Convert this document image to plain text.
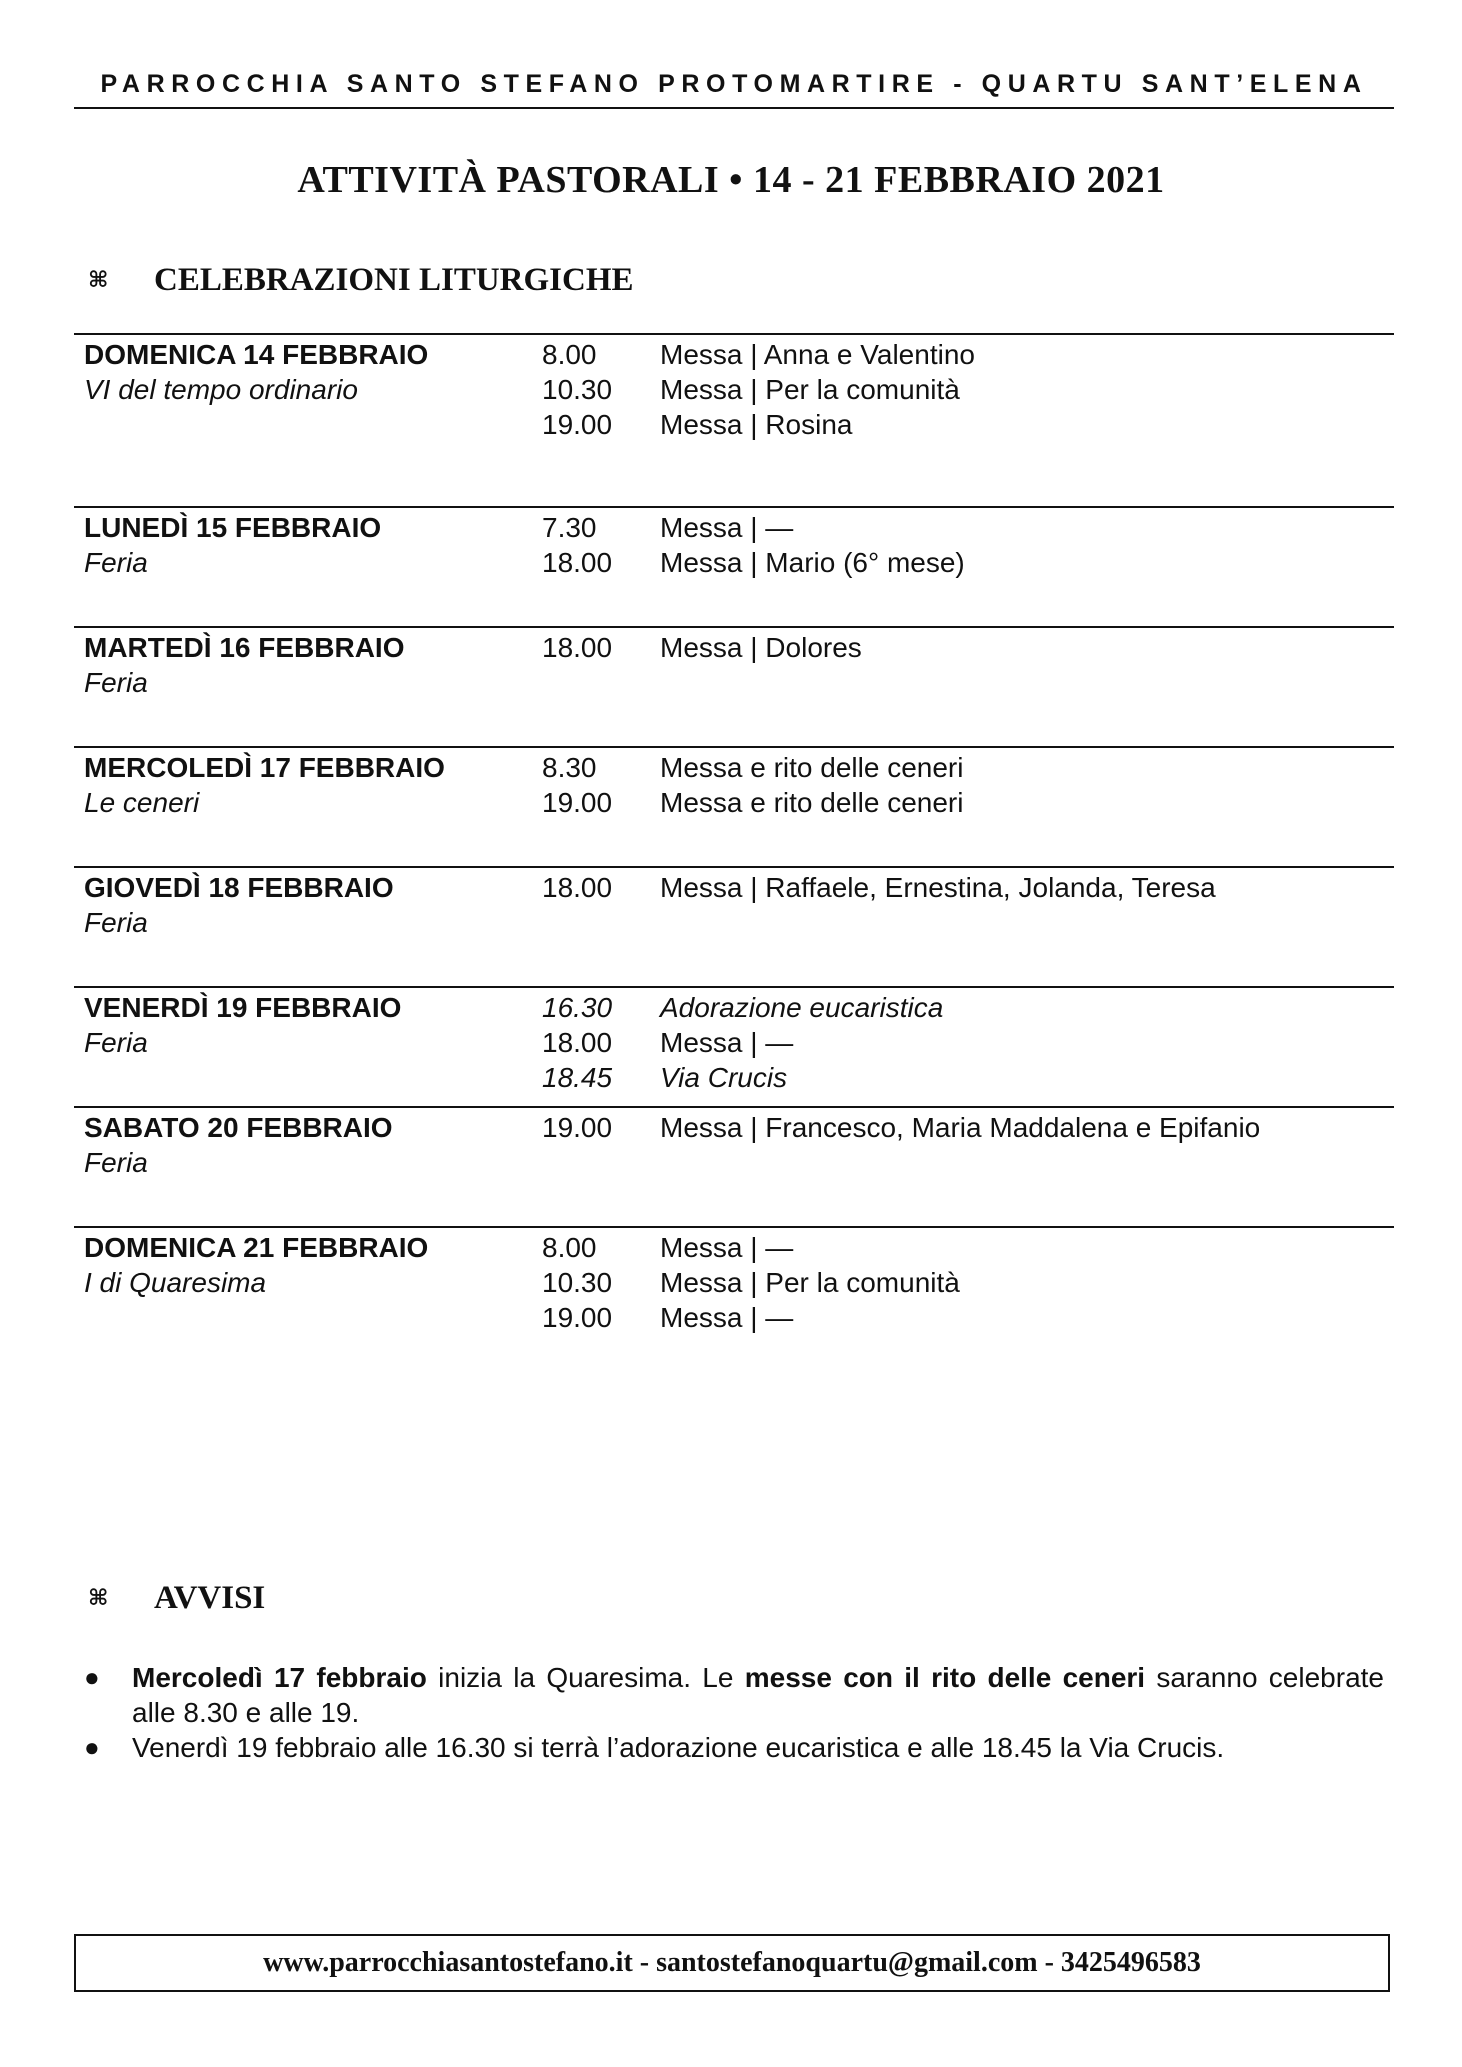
PARROCCHIA SANTO STEFANO PROTOMARTIRE - QUARTU SANT’ELENA
ATTIVITÀ PASTORALI • 14 - 21 FEBBRAIO 2021
⌘ CELEBRAZIONI LITURGICHE
DOMENICA 14 FEBBRAIO
VI del tempo ordinario
8.00	Messa | Anna e Valentino
10.30	Messa | Per la comunità
19.00	Messa | Rosina
LUNEDÌ 15 FEBBRAIO
Feria
7.30	Messa | —
18.00	Messa | Mario (6° mese)
MARTEDÌ 16 FEBBRAIO
Feria
18.00	Messa | Dolores
MERCOLEDÌ 17 FEBBRAIO
Le ceneri
8.30	Messa e rito delle ceneri
19.00	Messa e rito delle ceneri
GIOVEDÌ 18 FEBBRAIO
Feria
18.00	Messa | Raffaele, Ernestina, Jolanda, Teresa
VENERDÌ 19 FEBBRAIO
Feria
16.30	Adorazione eucaristica
18.00	Messa | —
18.45	Via Crucis
SABATO 20 FEBBRAIO
Feria
19.00	Messa | Francesco, Maria Maddalena e Epifanio
DOMENICA 21 FEBBRAIO
I di Quaresima
8.00	Messa | —
10.30	Messa | Per la comunità
19.00	Messa | —
⌘ AVVISI
● Mercoledì 17 febbraio inizia la Quaresima. Le messe con il rito delle ceneri saranno celebrate alle 8.30 e alle 19.
● Venerdì 19 febbraio alle 16.30 si terrà l’adorazione eucaristica e alle 18.45 la Via Crucis.
www.parrocchiasantostefano.it - santostefanoquartu@gmail.com - 3425496583
